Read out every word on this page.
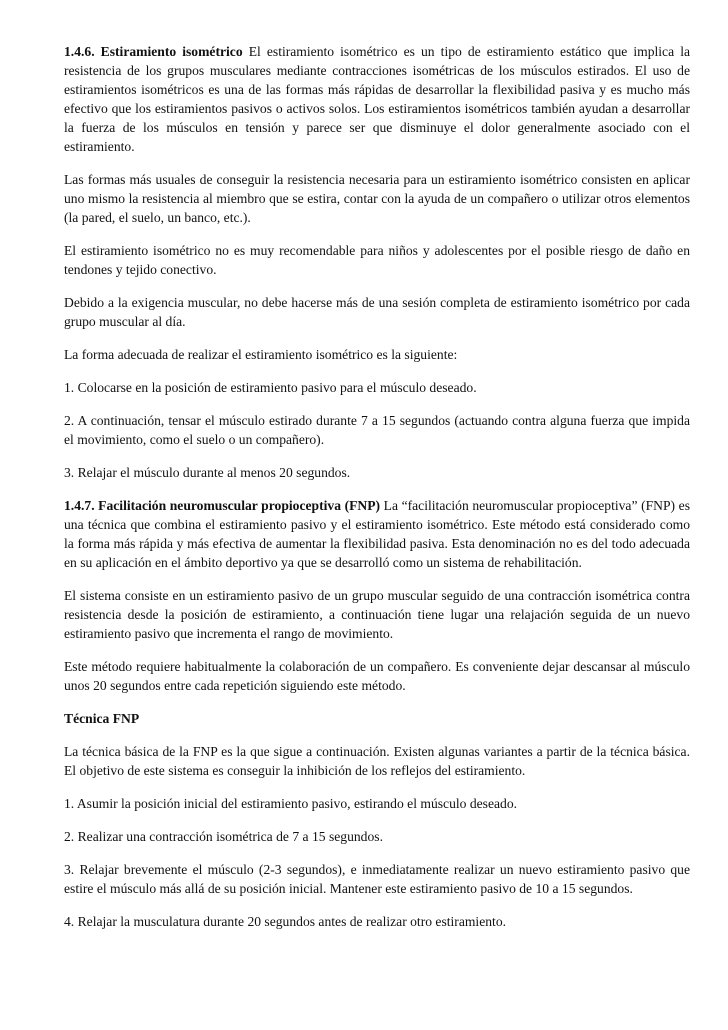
1.4.6. Estiramiento isométrico El estiramiento isométrico es un tipo de estiramiento estático que implica la resistencia de los grupos musculares mediante contracciones isométricas de los músculos estirados. El uso de estiramientos isométricos es una de las formas más rápidas de desarrollar la flexibilidad pasiva y es mucho más efectivo que los estiramientos pasivos o activos solos. Los estiramientos isométricos también ayudan a desarrollar la fuerza de los músculos en tensión y parece ser que disminuye el dolor generalmente asociado con el estiramiento.

Las formas más usuales de conseguir la resistencia necesaria para un estiramiento isométrico consisten en aplicar uno mismo la resistencia al miembro que se estira, contar con la ayuda de un compañero o utilizar otros elementos (la pared, el suelo, un banco, etc.).

El estiramiento isométrico no es muy recomendable para niños y adolescentes por el posible riesgo de daño en tendones y tejido conectivo.

Debido a la exigencia muscular, no debe hacerse más de una sesión completa de estiramiento isométrico por cada grupo muscular al día.

La forma adecuada de realizar el estiramiento isométrico es la siguiente:

1. Colocarse en la posición de estiramiento pasivo para el músculo deseado.

2. A continuación, tensar el músculo estirado durante 7 a 15 segundos (actuando contra alguna fuerza que impida el movimiento, como el suelo o un compañero).

3. Relajar el músculo durante al menos 20 segundos.

1.4.7. Facilitación neuromuscular propioceptiva (FNP) La “facilitación neuromuscular propioceptiva” (FNP) es una técnica que combina el estiramiento pasivo y el estiramiento isométrico. Este método está considerado como la forma más rápida y más efectiva de aumentar la flexibilidad pasiva. Esta denominación no es del todo adecuada en su aplicación en el ámbito deportivo ya que se desarrolló como un sistema de rehabilitación.

El sistema consiste en un estiramiento pasivo de un grupo muscular seguido de una contracción isométrica contra resistencia desde la posición de estiramiento, a continuación tiene lugar una relajación seguida de un nuevo estiramiento pasivo que incrementa el rango de movimiento.

Este método requiere habitualmente la colaboración de un compañero. Es conveniente dejar descansar al músculo unos 20 segundos entre cada repetición siguiendo este método.

Técnica FNP

La técnica básica de la FNP es la que sigue a continuación. Existen algunas variantes a partir de la técnica básica. El objetivo de este sistema es conseguir la inhibición de los reflejos del estiramiento.

1. Asumir la posición inicial del estiramiento pasivo, estirando el músculo deseado.

2. Realizar una contracción isométrica de 7 a 15 segundos.

3. Relajar brevemente el músculo (2-3 segundos), e inmediatamente realizar un nuevo estiramiento pasivo que estire el músculo más allá de su posición inicial. Mantener este estiramiento pasivo de 10 a 15 segundos.

4. Relajar la musculatura durante 20 segundos antes de realizar otro estiramiento.
